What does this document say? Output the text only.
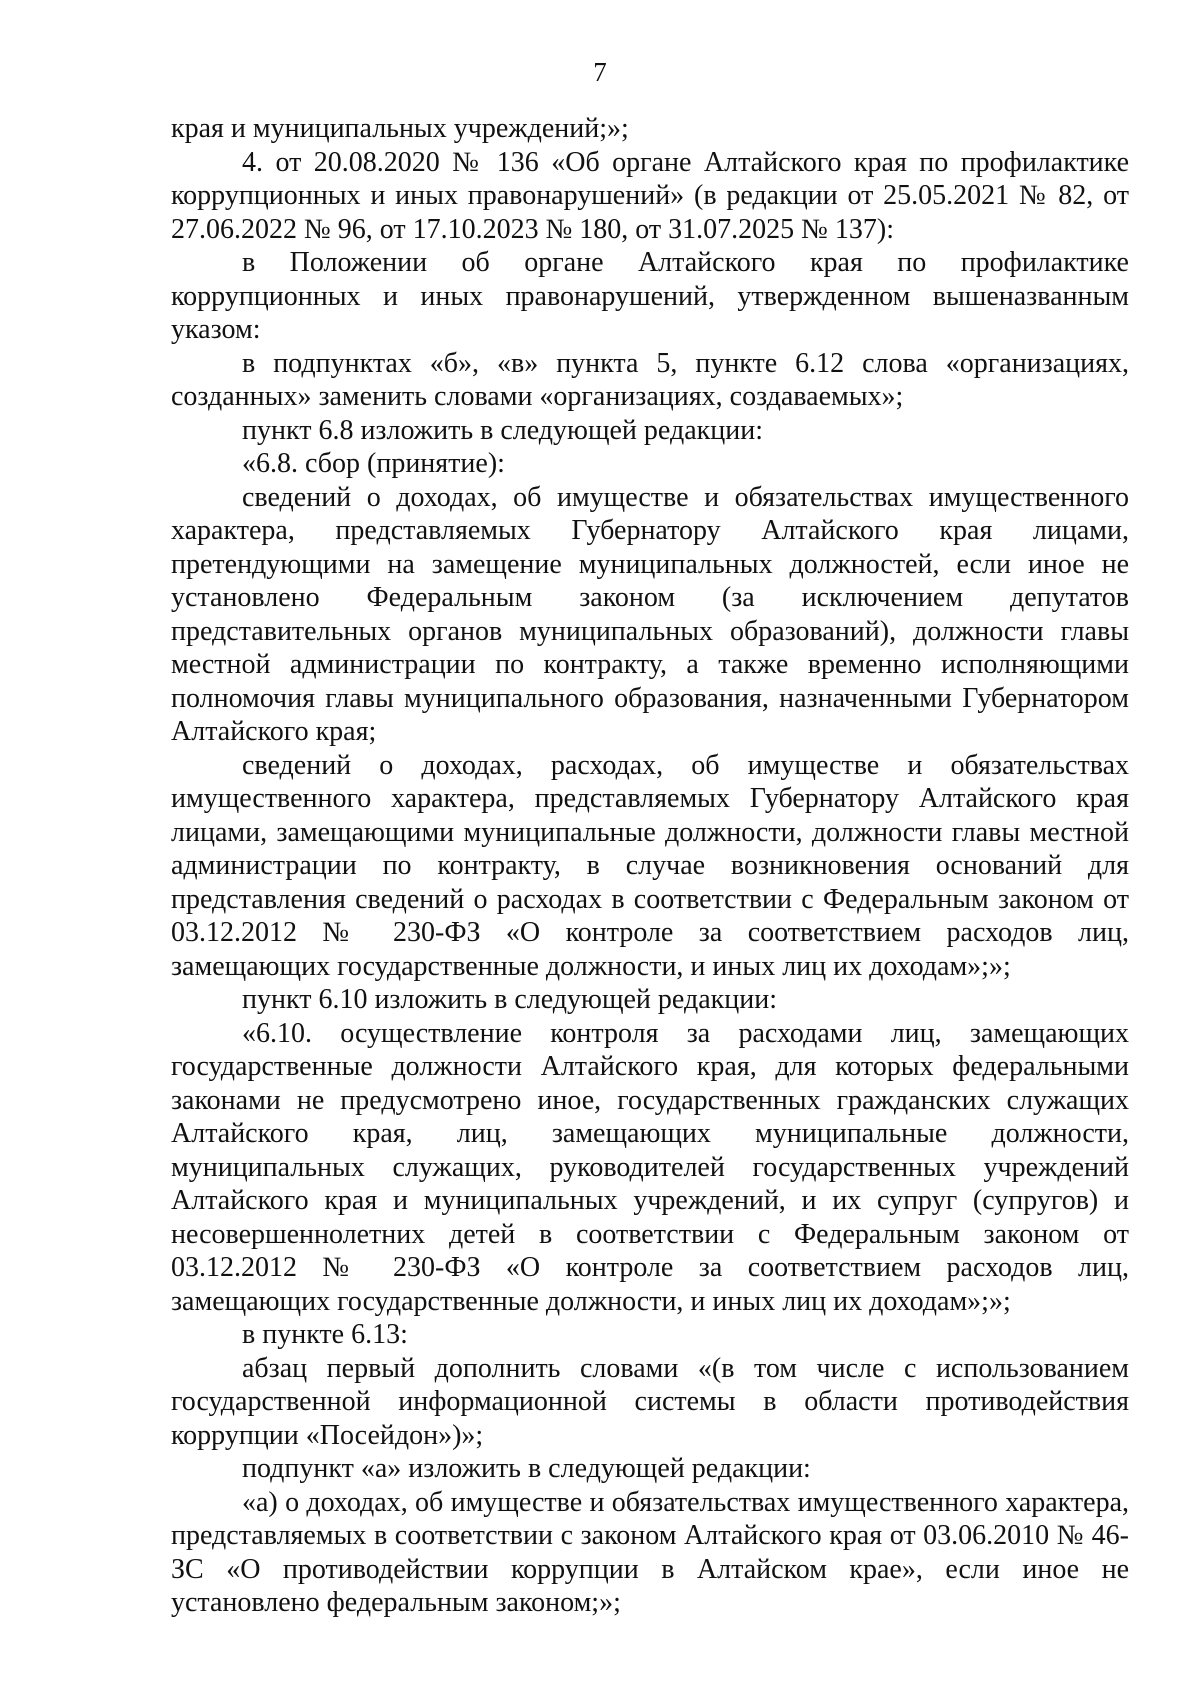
7

края и муниципальных учреждений;»;

4. от 20.08.2020 № 136 «Об органе Алтайского края по профилактике коррупционных и иных правонарушений» (в редакции от 25.05.2021 № 82, от 27.06.2022 № 96, от 17.10.2023 № 180, от 31.07.2025 № 137):

в Положении об органе Алтайского края по профилактике коррупционных и иных правонарушений, утвержденном вышеназванным указом:

в подпунктах «б», «в» пункта 5, пункте 6.12 слова «организациях, созданных» заменить словами «организациях, создаваемых»;

пункт 6.8 изложить в следующей редакции:

«6.8. сбор (принятие):

сведений о доходах, об имуществе и обязательствах имущественного характера, представляемых Губернатору Алтайского края лицами, претендующими на замещение муниципальных должностей, если иное не установлено Федеральным законом (за исключением депутатов представительных органов муниципальных образований), должности главы местной администрации по контракту, а также временно исполняющими полномочия главы муниципального образования, назначенными Губернатором Алтайского края;

сведений о доходах, расходах, об имуществе и обязательствах имущественного характера, представляемых Губернатору Алтайского края лицами, замещающими муниципальные должности, должности главы местной администрации по контракту, в случае возникновения оснований для представления сведений о расходах в соответствии с Федеральным законом от 03.12.2012 № 230-ФЗ «О контроле за соответствием расходов лиц, замещающих государственные должности, и иных лиц их доходам»;»;

пункт 6.10 изложить в следующей редакции:

«6.10. осуществление контроля за расходами лиц, замещающих государственные должности Алтайского края, для которых федеральными законами не предусмотрено иное, государственных гражданских служащих Алтайского края, лиц, замещающих муниципальные должности, муниципальных служащих, руководителей государственных учреждений Алтайского края и муниципальных учреждений, и их супруг (супругов) и несовершеннолетних детей в соответствии с Федеральным законом от 03.12.2012 № 230-ФЗ «О контроле за соответствием расходов лиц, замещающих государственные должности, и иных лиц их доходам»;»;

в пункте 6.13:

абзац первый дополнить словами «(в том числе с использованием государственной информационной системы в области противодействия коррупции «Посейдон»)»;

подпункт «а» изложить в следующей редакции:

«а) о доходах, об имуществе и обязательствах имущественного характера, представляемых в соответствии с законом Алтайского края от 03.06.2010 № 46-ЗС «О противодействии коррупции в Алтайском крае», если иное не установлено федеральным законом;»;
